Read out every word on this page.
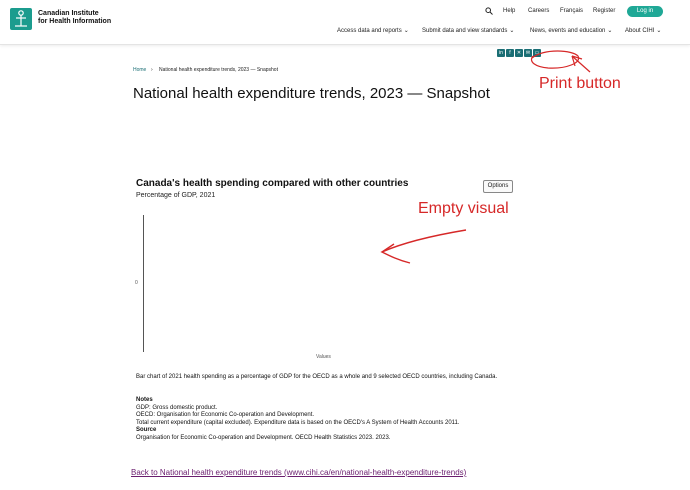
Canadian Institute
for Health Information
Help Careers Français Register	Log in
Access data and reports ⌄ Submit data and view standards ⌄	News, events and education ⌄ About CIHI ⌄
in	f	✕ ✉ ▭
Home › National health expenditure trends, 2023 — Snapshot
National health expenditure trends, 2023 — Snapshot
Print button
Empty visual
Canada's health spending compared with other countries
Percentage of GDP, 2021
Options
0
Values
Bar chart of 2021 health spending as a percentage of GDP for the OECD as a whole and 9 selected OECD countries, including Canada.
Notes
GDP: Gross domestic product.
OECD: Organisation for Economic Co-operation and Development.
Total current expenditure (capital excluded). Expenditure data is based on the OECD's A System of Health Accounts 2011.
Source
Organisation for Economic Co-operation and Development. OECD Health Statistics 2023. 2023.
Back to National health expenditure trends (www.cihi.ca/en/national-health-expenditure-trends)
